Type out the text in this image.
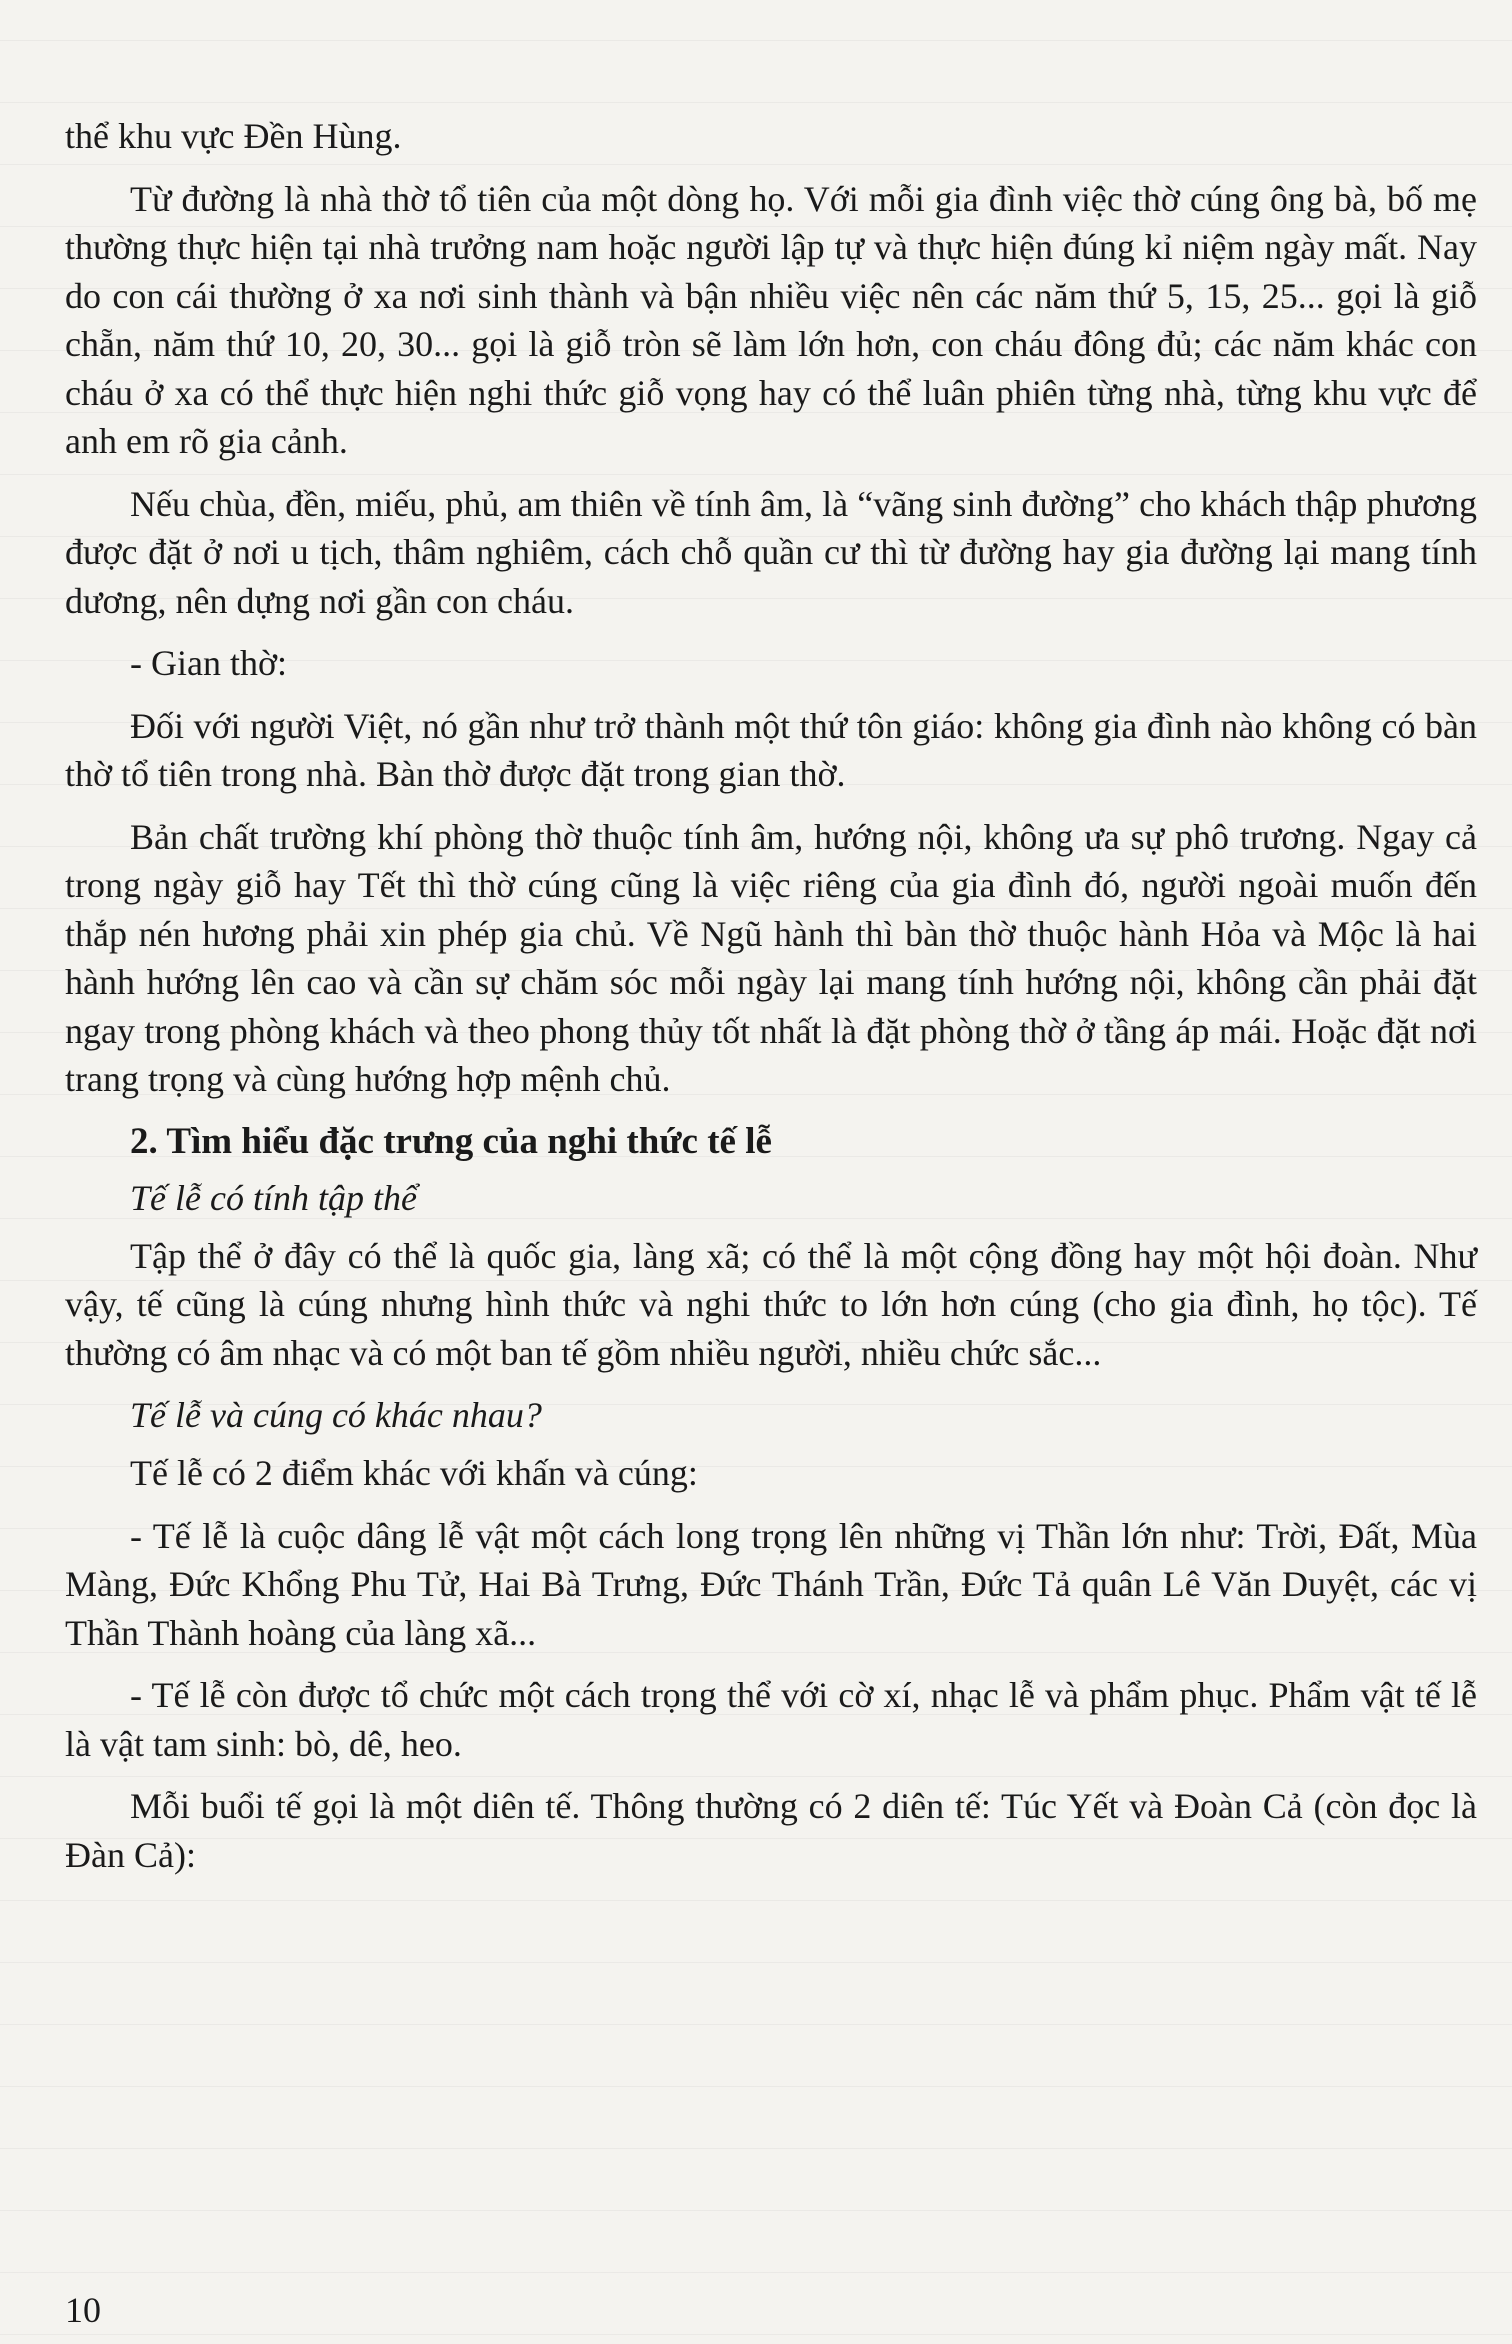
thể khu vực Đền Hùng.

Từ đường là nhà thờ tổ tiên của một dòng họ. Với mỗi gia đình việc thờ cúng ông bà, bố mẹ thường thực hiện tại nhà trưởng nam hoặc người lập tự và thực hiện đúng kỉ niệm ngày mất. Nay do con cái thường ở xa nơi sinh thành và bận nhiều việc nên các năm thứ 5, 15, 25... gọi là giỗ chẵn, năm thứ 10, 20, 30... gọi là giỗ tròn sẽ làm lớn hơn, con cháu đông đủ; các năm khác con cháu ở xa có thể thực hiện nghi thức giỗ vọng hay có thể luân phiên từng nhà, từng khu vực để anh em rõ gia cảnh.

Nếu chùa, đền, miếu, phủ, am thiên về tính âm, là “vãng sinh đường” cho khách thập phương được đặt ở nơi u tịch, thâm nghiêm, cách chỗ quần cư thì từ đường hay gia đường lại mang tính dương, nên dựng nơi gần con cháu.

- Gian thờ:

Đối với người Việt, nó gần như trở thành một thứ tôn giáo: không gia đình nào không có bàn thờ tổ tiên trong nhà. Bàn thờ được đặt trong gian thờ.

Bản chất trường khí phòng thờ thuộc tính âm, hướng nội, không ưa sự phô trương. Ngay cả trong ngày giỗ hay Tết thì thờ cúng cũng là việc riêng của gia đình đó, người ngoài muốn đến thắp nén hương phải xin phép gia chủ. Về Ngũ hành thì bàn thờ thuộc hành Hỏa và Mộc là hai hành hướng lên cao và cần sự chăm sóc mỗi ngày lại mang tính hướng nội, không cần phải đặt ngay trong phòng khách và theo phong thủy tốt nhất là đặt phòng thờ ở tầng áp mái. Hoặc đặt nơi trang trọng và cùng hướng hợp mệnh chủ.

2. Tìm hiểu đặc trưng của nghi thức tế lễ
Tế lễ có tính tập thể

Tập thể ở đây có thể là quốc gia, làng xã; có thể là một cộng đồng hay một hội đoàn. Như vậy, tế cũng là cúng nhưng hình thức và nghi thức to lớn hơn cúng (cho gia đình, họ tộc). Tế thường có âm nhạc và có một ban tế gồm nhiều người, nhiều chức sắc...

Tế lễ và cúng có khác nhau?

Tế lễ có 2 điểm khác với khấn và cúng:

- Tế lễ là cuộc dâng lễ vật một cách long trọng lên những vị Thần lớn như: Trời, Đất, Mùa Màng, Đức Khổng Phu Tử, Hai Bà Trưng, Đức Thánh Trần, Đức Tả quân Lê Văn Duyệt, các vị Thần Thành hoàng của làng xã...

- Tế lễ còn được tổ chức một cách trọng thể với cờ xí, nhạc lễ và phẩm phục. Phẩm vật tế lễ là vật tam sinh: bò, dê, heo.

Mỗi buổi tế gọi là một diên tế. Thông thường có 2 diên tế: Túc Yết và Đoàn Cả (còn đọc là Đàn Cả):

10
